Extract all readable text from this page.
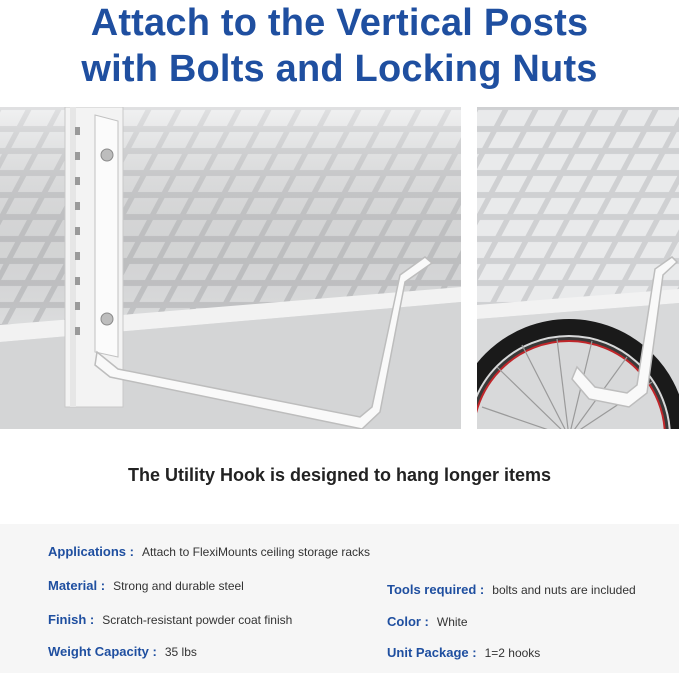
Attach to the Vertical Posts
with Bolts and Locking Nuts
The Utility Hook is designed to hang longer items
Applications : Attach to FlexiMounts ceiling storage racks
Material : Strong and durable steel
Finish : Scratch-resistant powder coat finish
Weight Capacity : 35 lbs
Tools required : bolts and nuts are included
Color : White
Unit Package : 1=2 hooks
